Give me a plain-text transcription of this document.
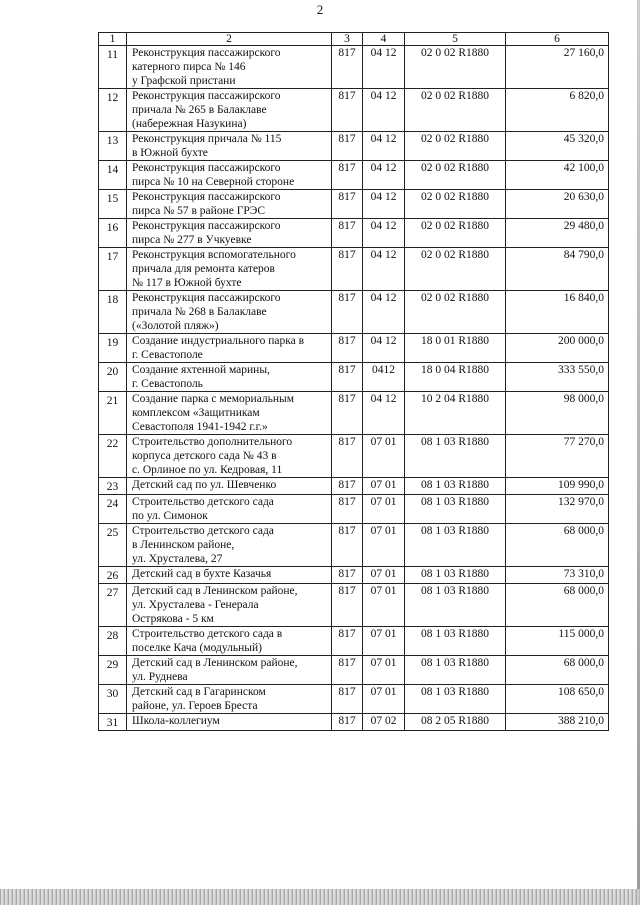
2
1	2	3	4	5	6
11	Реконструкция пассажирского
катерного пирса № 146
у Графской пристани	817	04 12	02 0 02 R1880	27 160,0
12	Реконструкция пассажирского
причала № 265 в Балаклаве
(набережная Назукина)	817	04 12	02 0 02 R1880	6 820,0
13	Реконструкция причала № 115
в Южной бухте	817	04 12	02 0 02 R1880	45 320,0
14	Реконструкция пассажирского
пирса № 10 на Северной стороне	817	04 12	02 0 02 R1880	42 100,0
15	Реконструкция пассажирского
пирса № 57 в районе ГРЭС	817	04 12	02 0 02 R1880	20 630,0
16	Реконструкция пассажирского
пирса № 277 в Учкуевке	817	04 12	02 0 02 R1880	29 480,0
17	Реконструкция вспомогательного
причала для ремонта катеров
№ 117 в Южной бухте	817	04 12	02 0 02 R1880	84 790,0
18	Реконструкция пассажирского
причала № 268 в Балаклаве
(«Золотой пляж»)	817	04 12	02 0 02 R1880	16 840,0
19	Создание индустриального парка в
г. Севастополе	817	04 12	18 0 01 R1880	200 000,0
20	Создание яхтенной марины,
г. Севастополь	817	0412	18 0 04 R1880	333 550,0
21	Создание парка с мемориальным
комплексом «Защитникам
Севастополя 1941-1942 г.г.»	817	04 12	10 2 04 R1880	98 000,0
22	Строительство дополнительного
корпуса детского сада № 43 в
с. Орлиное по ул. Кедровая, 11	817	07 01	08 1 03 R1880	77 270,0
23	Детский сад по ул. Шевченко	817	07 01	08 1 03 R1880	109 990,0
24	Строительство детского сада
по ул. Симонок	817	07 01	08 1 03 R1880	132 970,0
25	Строительство детского сада
в Ленинском районе,
ул. Хрусталева, 27	817	07 01	08 1 03 R1880	68 000,0
26	Детский сад в бухте Казачья	817	07 01	08 1 03 R1880	73 310,0
27	Детский сад в Ленинском районе,
ул. Хрусталева - Генерала
Острякова - 5 км	817	07 01	08 1 03 R1880	68 000,0
28	Строительство детского сада в
поселке Кача (модульный)	817	07 01	08 1 03 R1880	115 000,0
29	Детский сад в Ленинском районе,
ул. Руднева	817	07 01	08 1 03 R1880	68 000,0
30	Детский сад в Гагаринском
районе, ул. Героев Бреста	817	07 01	08 1 03 R1880	108 650,0
31	Школа-коллегиум	817	07 02	08 2 05 R1880	388 210,0
